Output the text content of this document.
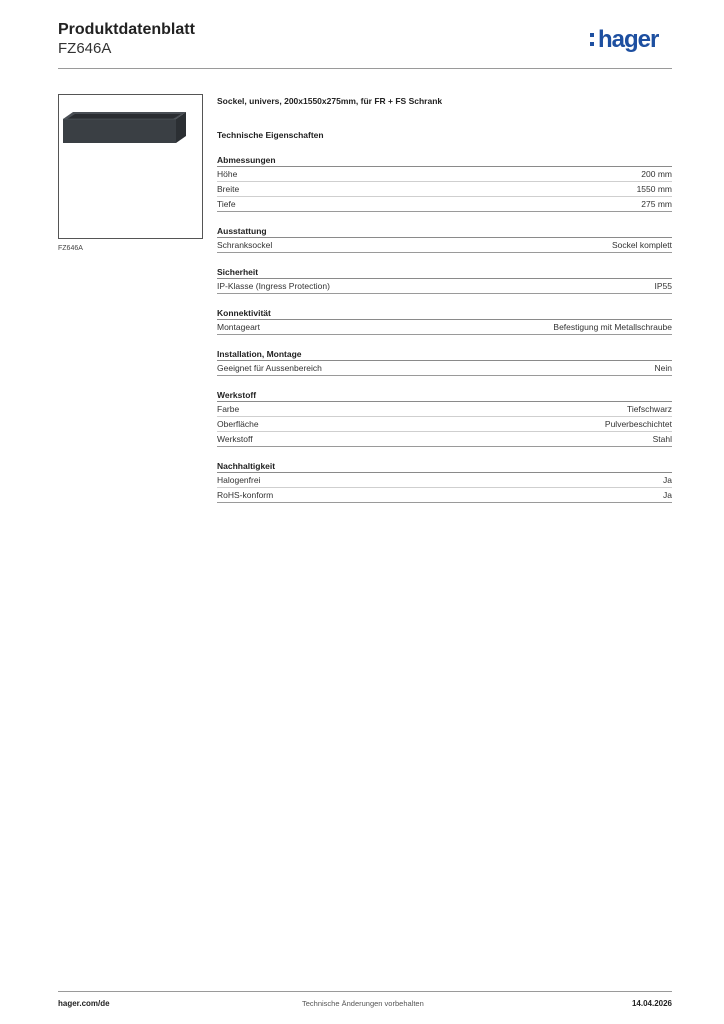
Produktdatenblatt
FZ646A	hager
FZ646A
Sockel, univers, 200x1550x275mm, für FR + FS Schrank
Technische Eigenschaften
Abmessungen
Höhe	200 mm
Breite	1550 mm
Tiefe	275 mm
Ausstattung
Schranksockel	Sockel komplett
Sicherheit
IP-Klasse (Ingress Protection)	IP55
Konnektivität
Montageart	Befestigung mit Metallschraube
Installation, Montage
Geeignet für Aussenbereich	Nein
Werkstoff
Farbe	Tiefschwarz
Oberfläche	Pulverbeschichtet
Werkstoff	Stahl
Nachhaltigkeit
Halogenfrei	Ja
RoHS-konform	Ja
hager.com/de	Technische Änderungen vorbehalten	14.04.2026
